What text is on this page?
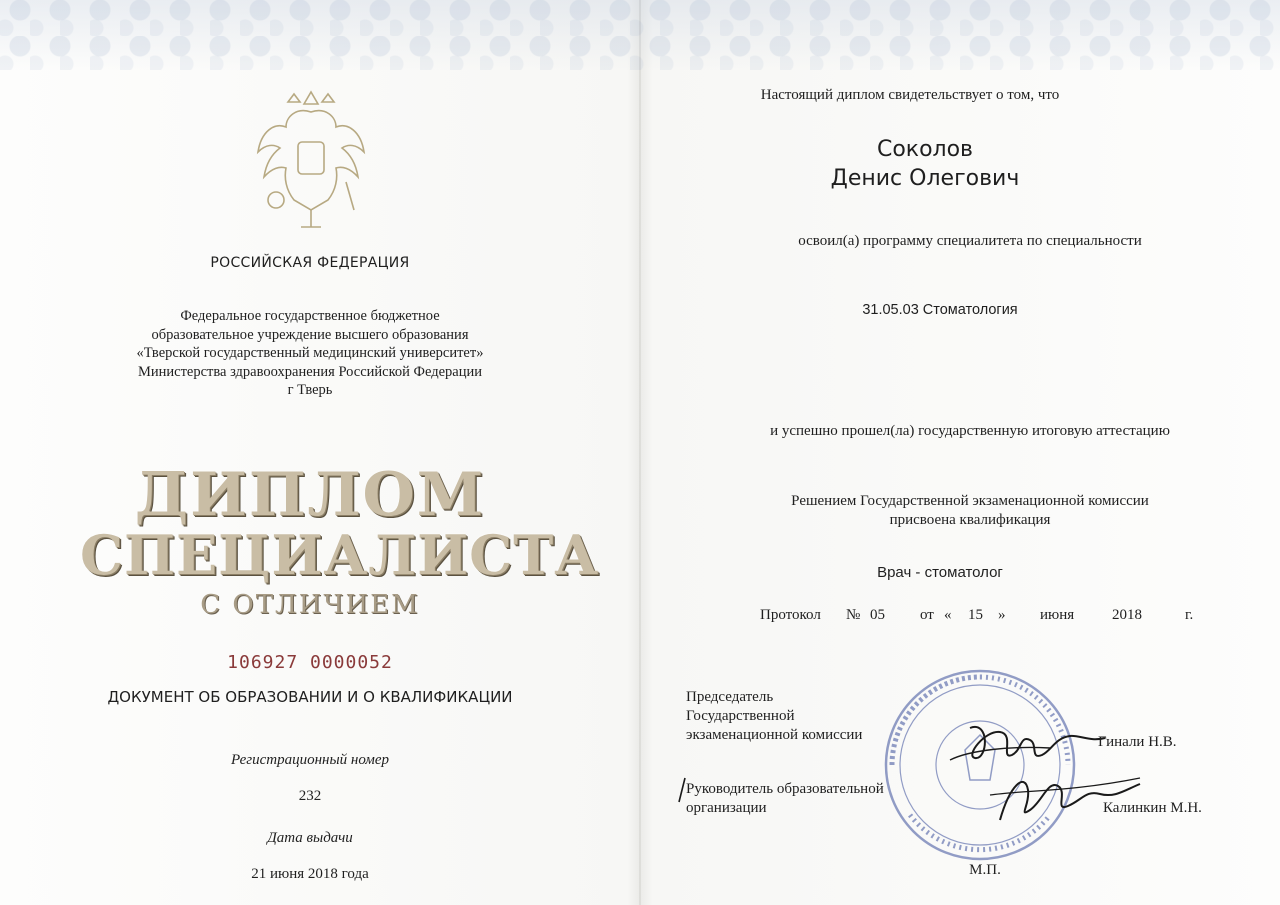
РОССИЙСКАЯ ФЕДЕРАЦИЯ
Федеральное государственное бюджетное
образовательное учреждение высшего образования
«Тверской государственный медицинский университет»
Министерства здравоохранения Российской Федерации
г Тверь
ДИПЛОМ
СПЕЦИАЛИСТА
С ОТЛИЧИЕМ
106927 0000052
ДОКУМЕНТ ОБ ОБРАЗОВАНИИ И О КВАЛИФИКАЦИИ
Регистрационный номер
232
Дата выдачи
21 июня 2018 года
Настоящий диплом свидетельствует о том, что
Соколов
Денис Олегович
освоил(а) программу специалитета по специальности
31.05.03 Стоматология
и успешно прошел(ла) государственную итоговую аттестацию
Решением Государственной экзаменационной комиссии
присвоена квалификация
Врач - стоматолог
Протокол № 05 от « 15 » июня	2018	г.
Председатель
Государственной
экзаменационной комиссии	Гинали Н.В.
Руководитель образовательной
организации	Калинкин М.Н.
М.П.
